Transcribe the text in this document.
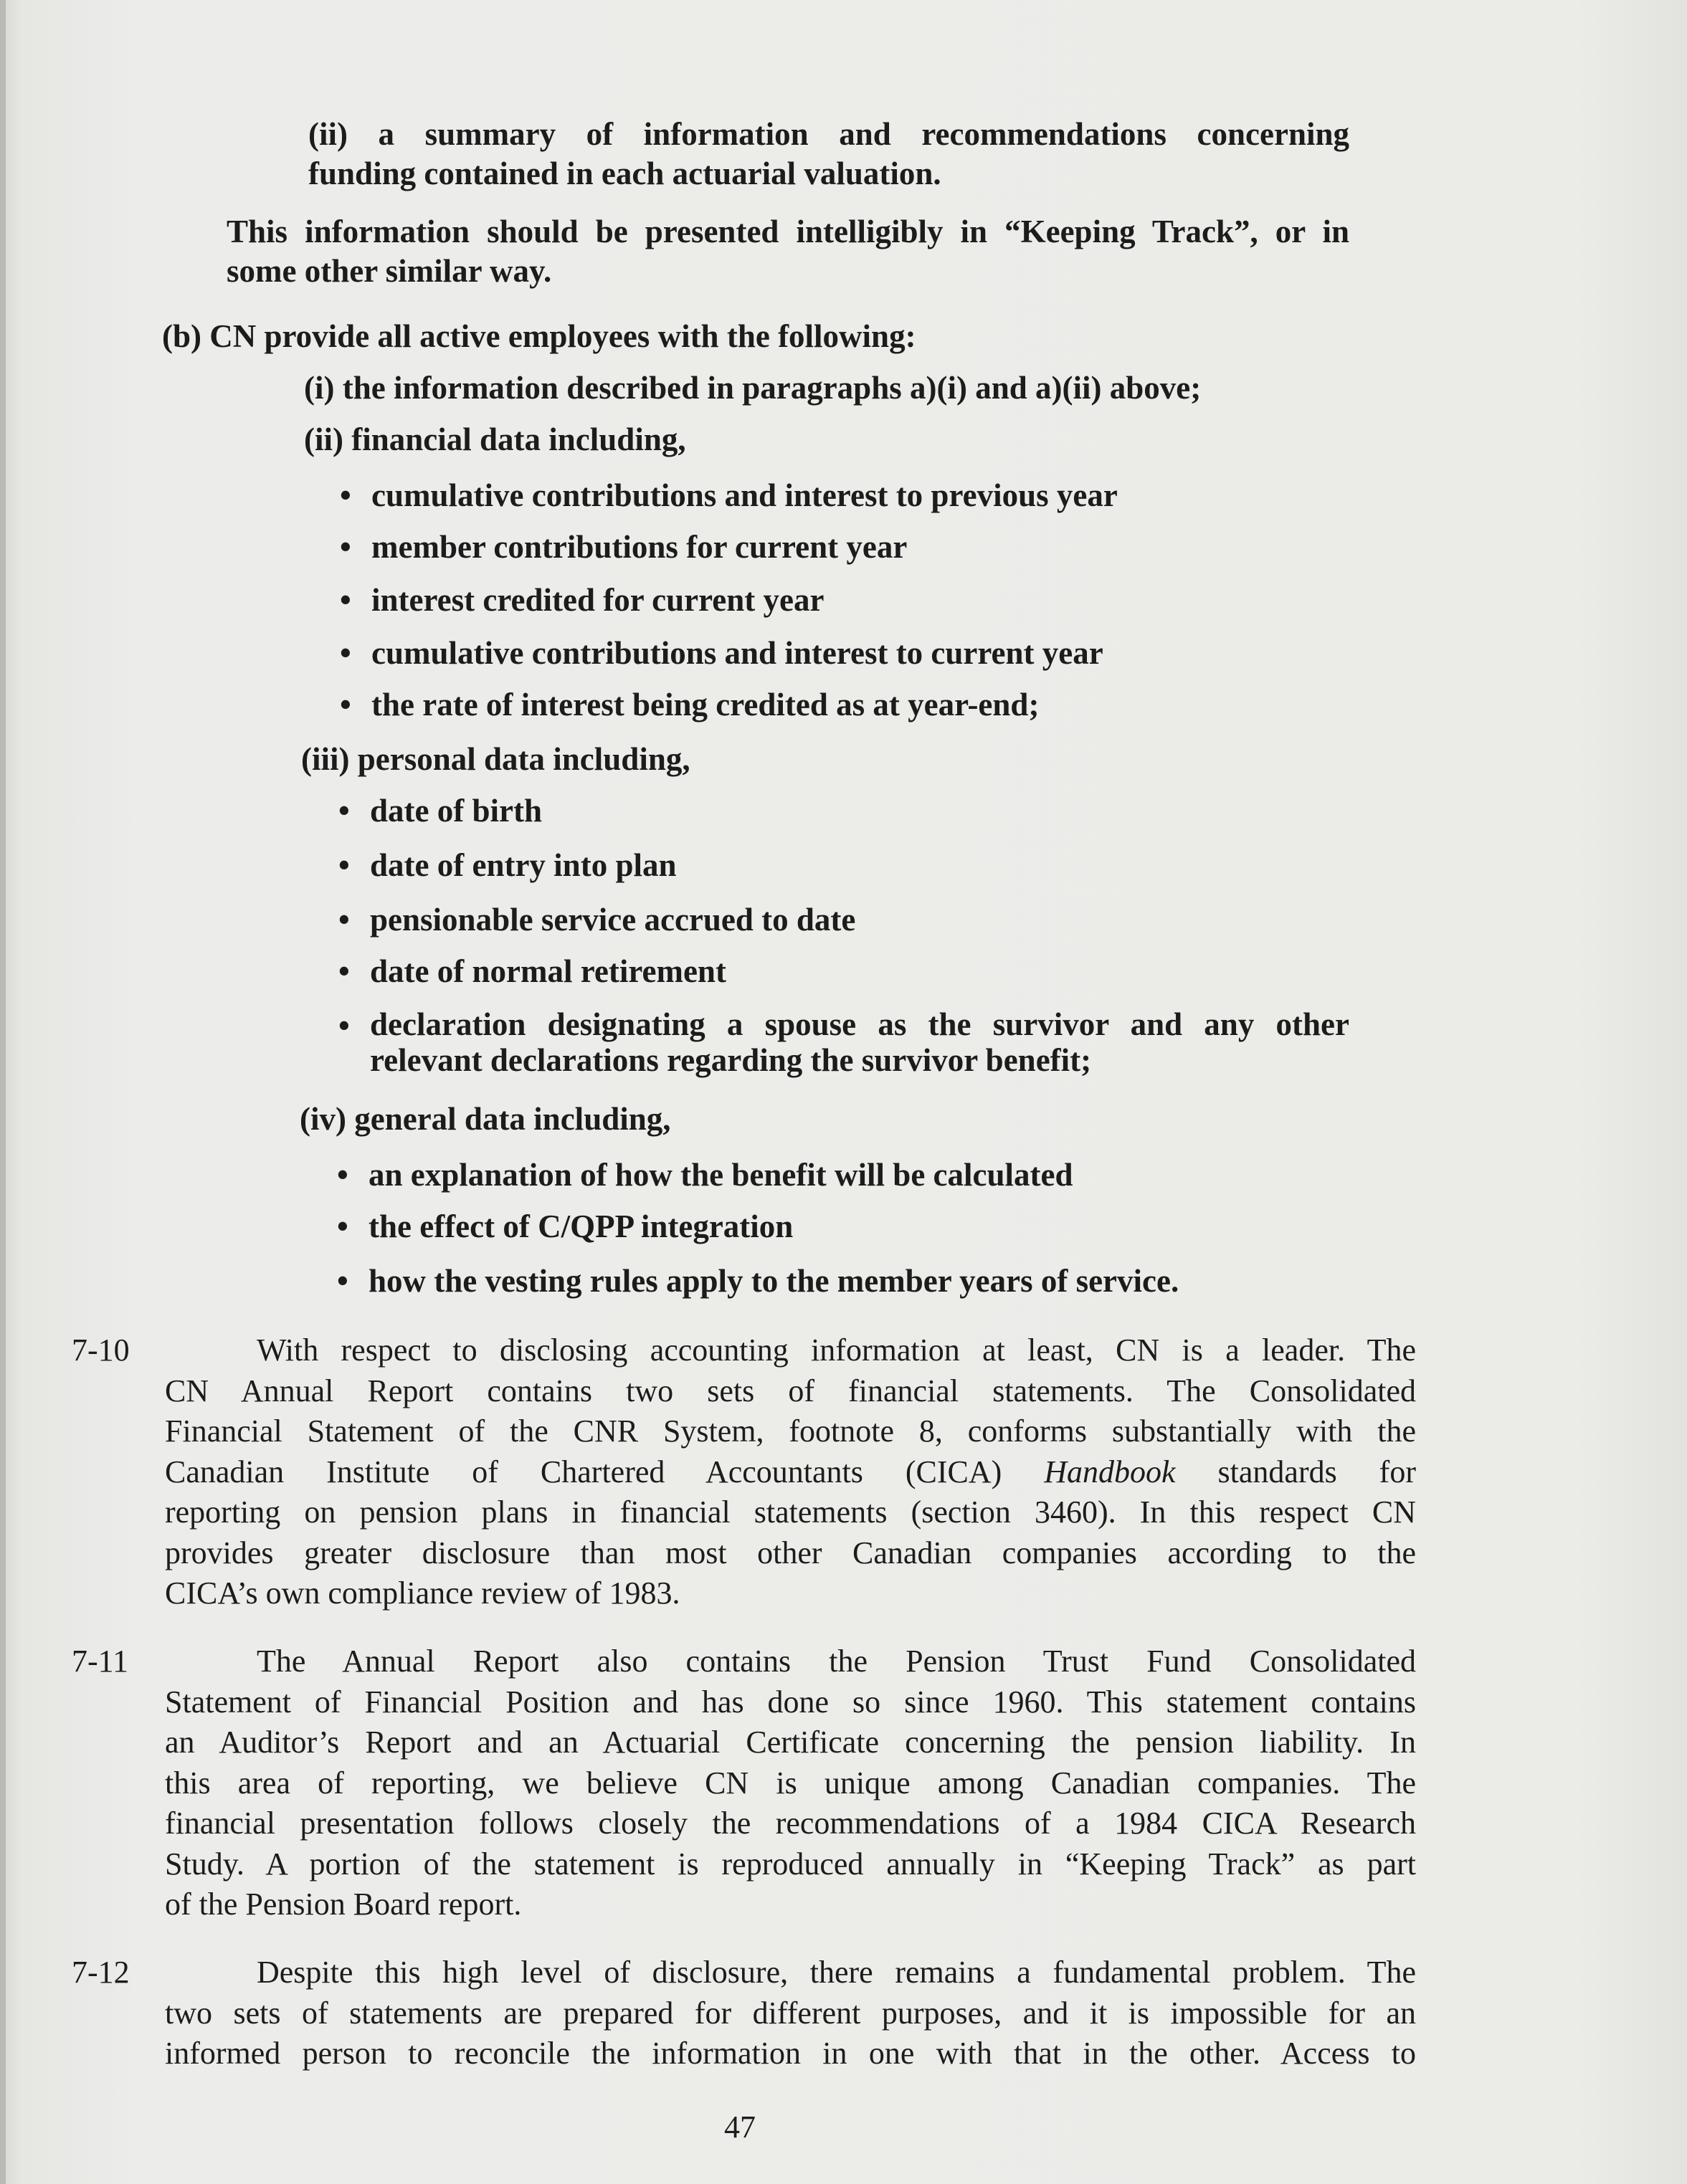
(ii) a summary of information and recommendations concerning
funding contained in each actuarial valuation.
This information should be presented intelligibly in “Keeping Track”, or in
some other similar way.
(b) CN provide all active employees with the following:
(i) the information described in paragraphs a)(i) and a)(ii) above;
(ii) financial data including,
• cumulative contributions and interest to previous year
• member contributions for current year
• interest credited for current year
• cumulative contributions and interest to current year
• the rate of interest being credited as at year-end;
(iii) personal data including,
• date of birth
• date of entry into plan
• pensionable service accrued to date
• date of normal retirement
• declaration designating a spouse as the survivor and any other
relevant declarations regarding the survivor benefit;
(iv) general data including,
• an explanation of how the benefit will be calculated
• the effect of C/QPP integration
• how the vesting rules apply to the member years of service.
7-10	With respect to disclosing accounting information at least, CN is a leader. The
CN Annual Report contains two sets of financial statements. The Consolidated
Financial Statement of the CNR System, footnote 8, conforms substantially with the
Canadian Institute of Chartered Accountants (CICA) Handbook standards for
reporting on pension plans in financial statements (section 3460). In this respect CN
provides greater disclosure than most other Canadian companies according to the
CICA’s own compliance review of 1983.
7-11	The Annual Report also contains the Pension Trust Fund Consolidated
Statement of Financial Position and has done so since 1960. This statement contains
an Auditor’s Report and an Actuarial Certificate concerning the pension liability. In
this area of reporting, we believe CN is unique among Canadian companies. The
financial presentation follows closely the recommendations of a 1984 CICA Research
Study. A portion of the statement is reproduced annually in “Keeping Track” as part
of the Pension Board report.
7-12	Despite this high level of disclosure, there remains a fundamental problem. The
two sets of statements are prepared for different purposes, and it is impossible for an
informed person to reconcile the information in one with that in the other. Access to
47
